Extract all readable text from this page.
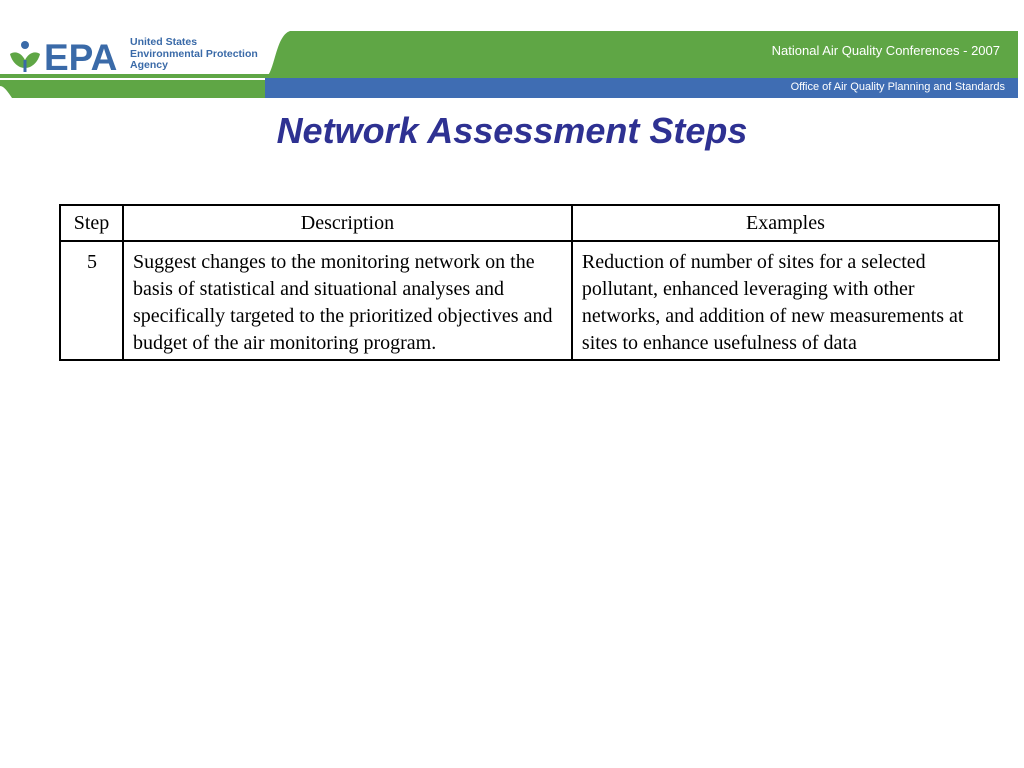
EPA United States
Environmental Protection
Agency
National Air Quality Conferences - 2007
Office of Air Quality Planning and Standards
Network Assessment Steps
Step	Description	Examples
5	Suggest changes to the monitoring network on the basis of statistical and situational analyses and specifically targeted to the prioritized objectives and budget of the air monitoring program.	Reduction of number of sites for a selected pollutant, enhanced leveraging with other networks, and addition of new measurements at sites to enhance usefulness of data
